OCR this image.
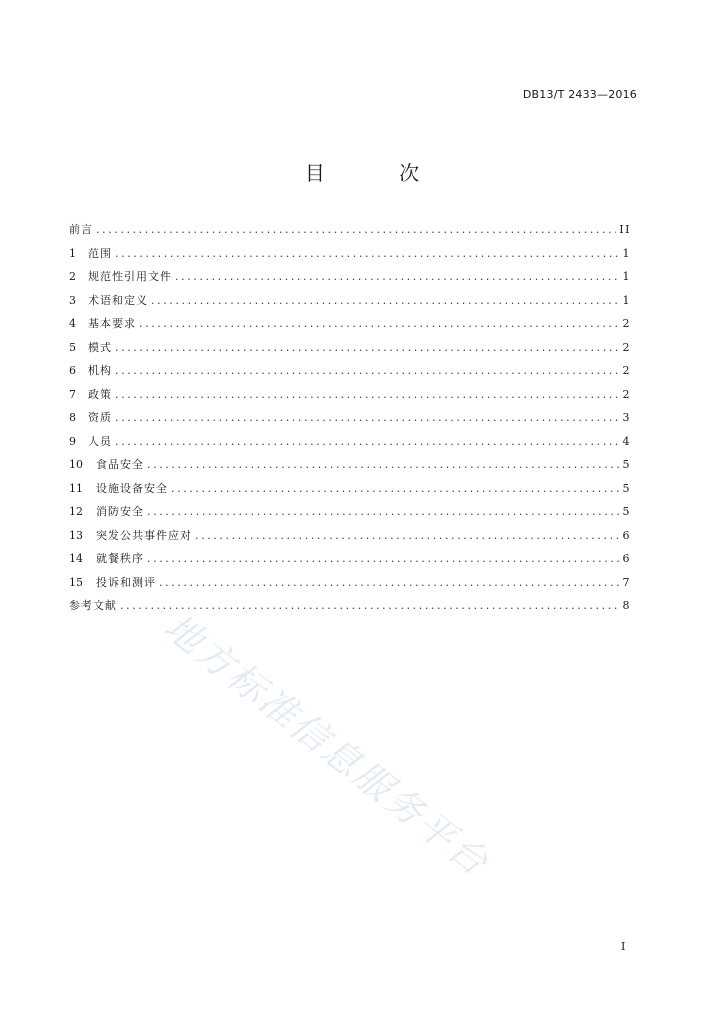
DB13/T 2433—2016
目 次
前言 .....	II
1	范围 .....	1
2	规范性引用文件 .....	1
3	术语和定义 .....	1
4	基本要求 .....	2
5	模式 .....	2
6	机构 .....	2
7	政策 .....	2
8	资质 .....	3
9	人员 .....	4
10	食品安全 .....	5
11	设施设备安全 .....	5
12	消防安全 .....	5
13	突发公共事件应对 .....	6
14	就餐秩序 .....	6
15	投诉和测评 .....	7
参考文献 .....	8
地方标准信息服务平台
I
